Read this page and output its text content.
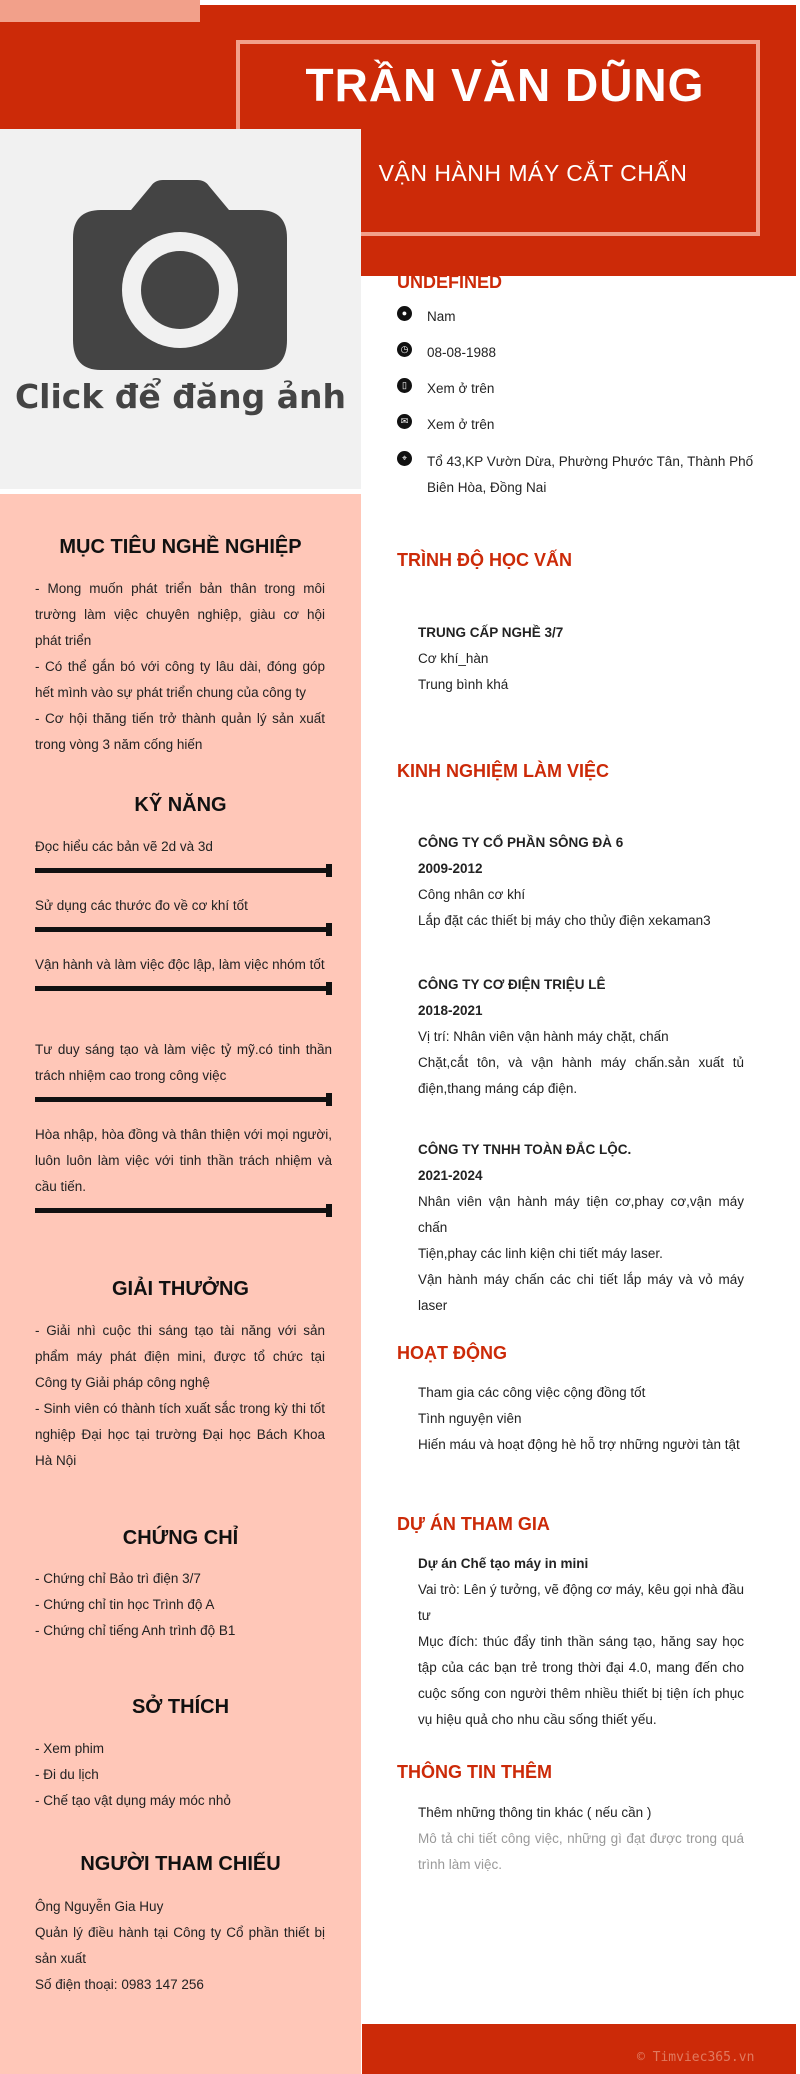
TRẦN VĂN DŨNG
VẬN HÀNH MÁY CẮT CHẤN
Click để đăng ảnh
MỤC TIÊU NGHỀ NGHIỆP
- Mong muốn phát triển bản thân trong môi trường làm việc chuyên nghiệp, giàu cơ hội phát triển
- Có thể gắn bó với công ty lâu dài, đóng góp hết mình vào sự phát triển chung của công ty
- Cơ hội thăng tiến trở thành quản lý sản xuất trong vòng 3 năm cống hiến
KỸ NĂNG
Đọc hiểu các bản vẽ 2d và 3d
Sử dụng các thước đo về cơ khí tốt
Vận hành và làm việc độc lập, làm việc nhóm tốt
Tư duy sáng tạo và làm việc tỷ mỹ.có tinh thần trách nhiệm cao trong công việc
Hòa nhập, hòa đồng và thân thiện với mọi người, luôn luôn làm việc với tinh thần trách nhiệm và cầu tiến.
GIẢI THƯỞNG
- Giải nhì cuộc thi sáng tạo tài năng với sản phẩm máy phát điện mini, được tổ chức tại Công ty Giải pháp công nghệ
- Sinh viên có thành tích xuất sắc trong kỳ thi tốt nghiệp Đại học tại trường Đại học Bách Khoa Hà Nội
CHỨNG CHỈ
- Chứng chỉ Bảo trì điện 3/7
- Chứng chỉ tin học Trình độ A
- Chứng chỉ tiếng Anh trình độ B1
SỞ THÍCH
- Xem phim
- Đi du lịch
- Chế tạo vật dụng máy móc nhỏ
NGƯỜI THAM CHIẾU
Ông Nguyễn Gia Huy
Quản lý điều hành tại Công ty Cổ phần thiết bị sản xuất
Số điện thoại: 0983 147 256
UNDEFINED
●	Nam
◷ 08-08-1988
▯	Xem ở trên
✉ Xem ở trên
⌖	Tổ 43,KP Vườn Dừa, Phường Phước Tân, Thành Phố Biên Hòa, Đồng Nai
TRÌNH ĐỘ HỌC VẤN
TRUNG CẤP NGHỀ 3/7
Cơ khí_hàn
Trung bình khá
KINH NGHIỆM LÀM VIỆC
CÔNG TY CỔ PHẦN SÔNG ĐÀ 6
2009-2012
Công nhân cơ khí
Lắp đặt các thiết bị máy cho thủy điện xekaman3
CÔNG TY CƠ ĐIỆN TRIỆU LÊ
2018-2021
Vị trí: Nhân viên vận hành máy chặt, chấn
Chặt,cắt tôn, và vận hành máy chấn.sản xuất tủ điện,thang máng cáp điện.
CÔNG TY TNHH TOÀN ĐẮC LỘC.
2021-2024
Nhân viên vận hành máy tiện cơ,phay cơ,vận máy chấn
Tiện,phay các linh kiện chi tiết máy laser.
Vận hành máy chấn các chi tiết lắp máy và vỏ máy laser
HOẠT ĐỘNG
Tham gia các công việc cộng đồng tốt
Tình nguyện viên
Hiến máu và hoạt động hè hỗ trợ những người tàn tật
DỰ ÁN THAM GIA
Dự án Chế tạo máy in mini
Vai trò: Lên ý tưởng, vẽ động cơ máy, kêu gọi nhà đầu tư
Mục đích: thúc đẩy tinh thần sáng tạo, hăng say học tập của các bạn trẻ trong thời đại 4.0, mang đến cho cuộc sống con người thêm nhiều thiết bị tiện ích phục vụ hiệu quả cho nhu cầu sống thiết yếu.
THÔNG TIN THÊM
Thêm những thông tin khác ( nếu cần )
Mô tả chi tiết công việc, những gì đạt được trong quá trình làm việc.
© Timviec365.vn
